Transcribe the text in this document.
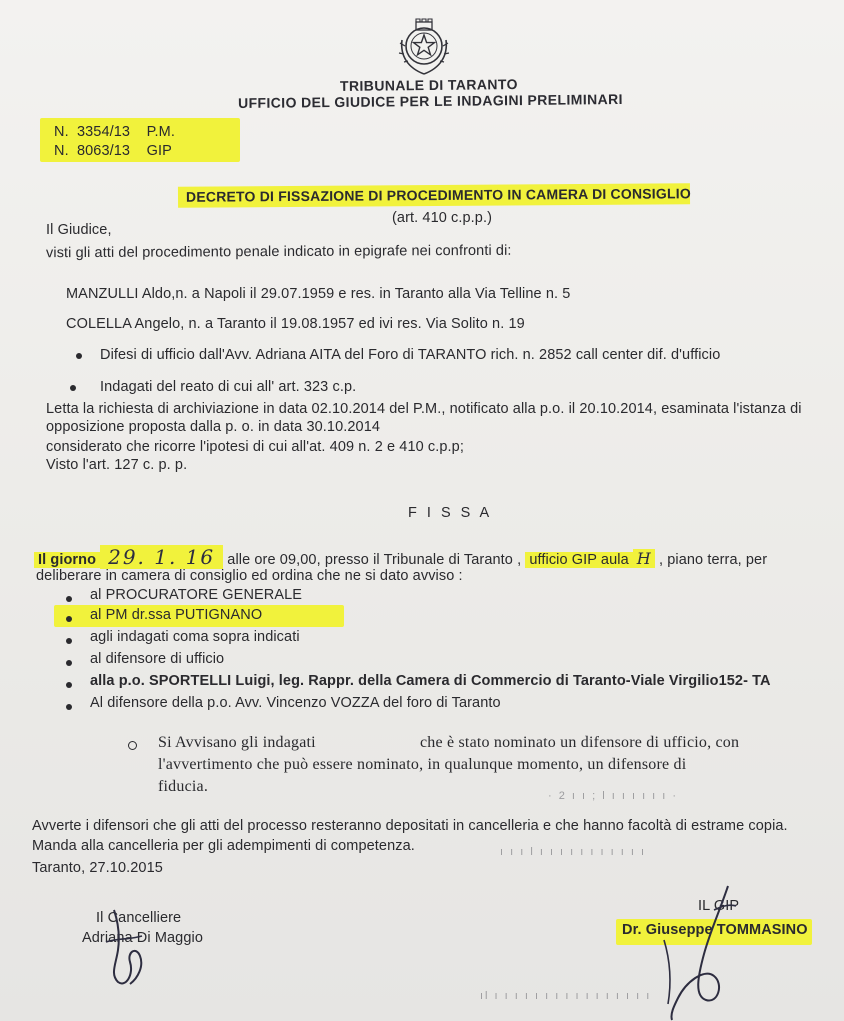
TRIBUNALE DI TARANTO
UFFICIO DEL GIUDICE PER LE INDAGINI PRELIMINARI
N. 3354/13 P.M.
N. 8063/13 GIP
DECRETO DI FISSAZIONE DI PROCEDIMENTO IN CAMERA DI CONSIGLIO
(art. 410 c.p.p.)
Il Giudice,
visti gli atti del procedimento penale indicato in epigrafe nei confronti di:
MANZULLI Aldo,n. a Napoli il 29.07.1959 e res. in Taranto alla Via Telline n. 5
COLELLA Angelo, n. a Taranto il 19.08.1957 ed ivi res. Via Solito n. 19
Difesi di ufficio dall'Avv. Adriana AITA del Foro di TARANTO rich. n. 2852 call center dif. d'ufficio
Indagati del reato di cui all' art. 323 c.p.
Letta la richiesta di archiviazione in data 02.10.2014 del P.M., notificato alla p.o. il 20.10.2014, esaminata l'istanza di
opposizione proposta dalla p. o. in data 30.10.2014
considerato che ricorre l'ipotesi di cui all'at. 409 n. 2 e 410 c.p.p;
Visto l'art. 127 c. p. p.
F I S S A
Il giorno 29. 1. 16 alle ore 09,00, presso il Tribunale di Taranto , ufficio GIP aula H , piano terra, per
deliberare in camera di consiglio ed ordina che ne si dato avviso :
al PROCURATORE GENERALE
al PM dr.ssa PUTIGNANO
agli indagati coma sopra indicati
al difensore di ufficio
alla p.o. SPORTELLI Luigi, leg. Rappr. della Camera di Commercio di Taranto-Viale Virgilio152- TA
Al difensore della p.o. Avv. Vincenzo VOZZA del foro di Taranto
Si Avvisano gli indagati	che è stato nominato un difensore di ufficio, con
l'avvertimento che può essere nominato, in qualunque momento, un difensore di
fiducia.
· 2 ı ı ; l ı ı ı ı ı ı ·
Avverte i difensori che gli atti del processo resteranno depositati in cancelleria e che hanno facoltà di estrame copia.
Manda alla cancelleria per gli adempimenti di competenza.	ı ı ı l ı ı ı ı ı ı ı ı ı ı ı
Taranto, 27.10.2015
Il Cancelliere
Adriana Di Maggio
IL GIP
Dr. Giuseppe TOMMASINO
ıl ı ı ı ı ı ı ı ı ı ı ı ı ı ı ı ı
